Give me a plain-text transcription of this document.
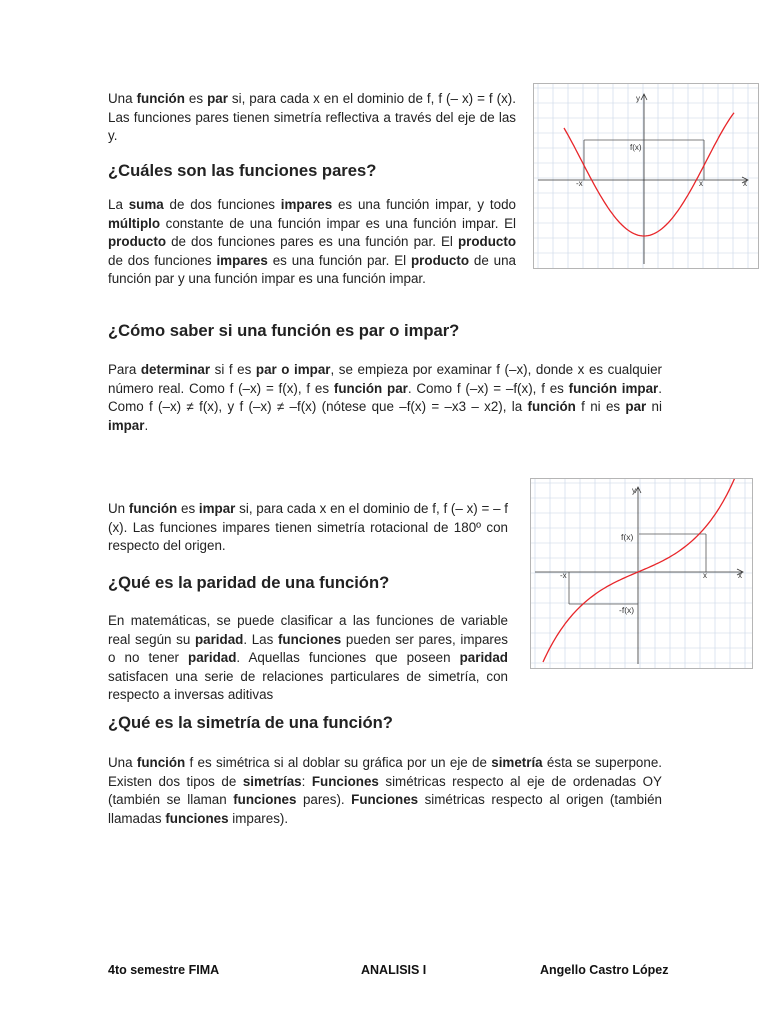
Una función es par si, para cada x en el dominio de f, f (– x) = f (x). Las funciones pares tienen simetría reflectiva a través del eje de las y.

¿Cuáles son las funciones pares?

La suma de dos funciones impares es una función impar, y todo múltiplo constante de una función impar es una función impar. El producto de dos funciones pares es una función par. El producto de dos funciones impares es una función par. El producto de una función par y una función impar es una función impar.

¿Cómo saber si una función es par o impar?

Para determinar si f es par o impar, se empieza por examinar f (–x), donde x es cualquier número real. Como f (–x) = f(x), f es función par. Como f (–x) = –f(x), f es función impar. Como f (–x) ≠ f(x), y f (–x) ≠ –f(x) (nótese que –f(x) = –x3 – x2), la función f ni es par ni impar.

Un función es impar si, para cada x en el dominio de f, f (– x) = – f (x). Las funciones impares tienen simetría rotacional de 180º con respecto del origen.

¿Qué es la paridad de una función?

En matemáticas, se puede clasificar a las funciones de variable real según su paridad. Las funciones pueden ser pares, impares o no tener paridad. Aquellas funciones que poseen paridad satisfacen una serie de relaciones particulares de simetría, con respecto a inversas aditivas

¿Qué es la simetría de una función?

Una función f es simétrica si al doblar su gráfica por un eje de simetría ésta se superpone. Existen dos tipos de simetrías: Funciones simétricas respecto al eje de ordenadas OY (también se llaman funciones pares). Funciones simétricas respecto al origen (también llamadas funciones impares).

y
x
f(x)
-x	x
y
x
f(x)
-f(x)
-x	x
4to semestre FIMA	ANALISIS I	Angello Castro López
